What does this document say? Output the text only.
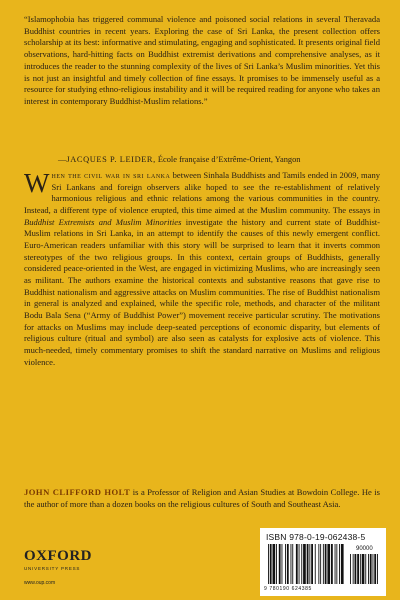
“Islamophobia has triggered communal violence and poisoned social relations in several Theravada Buddhist countries in recent years. Exploring the case of Sri Lanka, the present collection offers scholarship at its best: informative and stimulating, engaging and sophisticated. It presents original field observations, hard-hitting facts on Buddhist extremist derivations and comprehensive analyses, as it introduces the reader to the stunning complexity of the lives of Sri Lanka’s Muslim minorities. Yet this is not just an insightful and timely collection of fine essays. It promises to be immensely useful as a resource for studying ethno-religious instability and it will be required reading for anyone who takes an interest in contemporary Buddhist-Muslim relations.”

—JACQUES P. LEIDER, École française d’Extrême-Orient, Yangon

When the civil war in sri lanka between Sinhala Buddhists and Tamils ended in 2009, many Sri Lankans and foreign observers alike hoped to see the re-establishment of relatively harmonious religious and ethnic relations among the various communities in the country. Instead, a different type of violence erupted, this time aimed at the Muslim community. The essays in Buddhist Extremists and Muslim Minorities investigate the history and current state of Buddhist-Muslim relations in Sri Lanka, in an attempt to identify the causes of this newly emergent conflict. Euro-American readers unfamiliar with this story will be surprised to learn that it inverts common stereotypes of the two religious groups. In this context, certain groups of Buddhists, generally considered peace-oriented in the West, are engaged in victimizing Muslims, who are increasingly seen as militant. The authors examine the historical contexts and substantive reasons that gave rise to Buddhist nationalism and aggressive attacks on Muslim communities. The rise of Buddhist nationalism in general is analyzed and explained, while the specific role, methods, and character of the militant Bodu Bala Sena (“Army of Buddhist Power”) movement receive particular scrutiny. The motivations for attacks on Muslims may include deep-seated perceptions of economic disparity, but elements of religious culture (ritual and symbol) are also seen as catalysts for explosive acts of violence. This much-needed, timely commentary promises to shift the standard narrative on Muslims and religious violence.

JOHN CLIFFORD HOLT is a Professor of Religion and Asian Studies at Bowdoin College. He is the author of more than a dozen books on the religious cultures of South and Southeast Asia.

OXFORD
UNIVERSITY PRESS
www.oup.com
ISBN 978-0-19-062438-5
90000
9 780190 624385
